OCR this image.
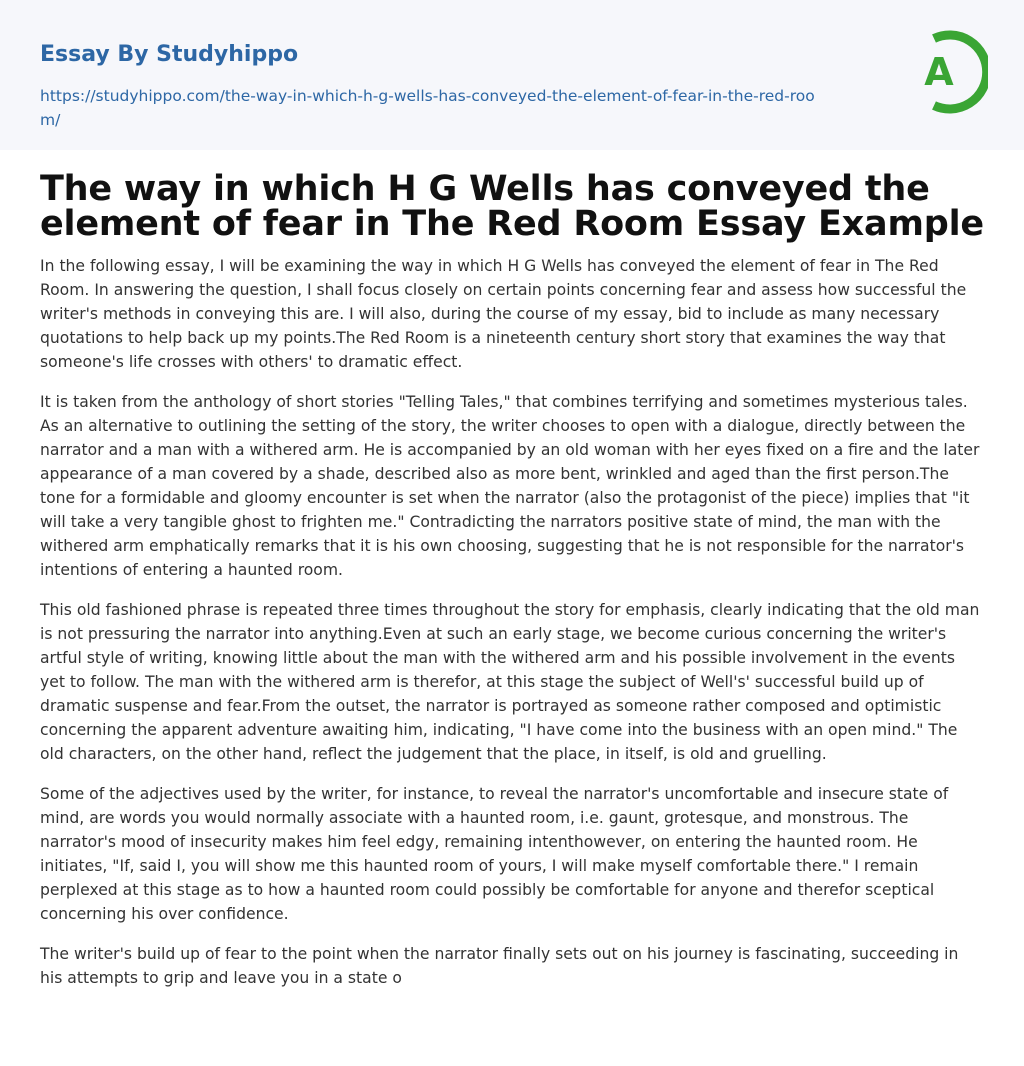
Essay By Studyhippo
https://studyhippo.com/the-way-in-which-h-g-wells-has-conveyed-the-element-of-fear-in-the-red-room/
A
The way in which H G Wells has conveyed the element of fear in The Red Room Essay Example

In the following essay, I will be examining the way in which H G Wells has conveyed the element of fear in The Red Room. In answering the question, I shall focus closely on certain points concerning fear and assess how successful the writer's methods in conveying this are. I will also, during the course of my essay, bid to include as many necessary quotations to help back up my points.The Red Room is a nineteenth century short story that examines the way that someone's life crosses with others' to dramatic effect.

It is taken from the anthology of short stories "Telling Tales," that combines terrifying and sometimes mysterious tales. As an alternative to outlining the setting of the story, the writer chooses to open with a dialogue, directly between the narrator and a man with a withered arm. He is accompanied by an old woman with her eyes fixed on a fire and the later appearance of a man covered by a shade, described also as more bent, wrinkled and aged than the first person.The tone for a formidable and gloomy encounter is set when the narrator (also the protagonist of the piece) implies that "it will take a very tangible ghost to frighten me." Contradicting the narrators positive state of mind, the man with the withered arm emphatically remarks that it is his own choosing, suggesting that he is not responsible for the narrator's intentions of entering a haunted room.

This old fashioned phrase is repeated three times throughout the story for emphasis, clearly indicating that the old man is not pressuring the narrator into anything.Even at such an early stage, we become curious concerning the writer's artful style of writing, knowing little about the man with the withered arm and his possible involvement in the events yet to follow. The man with the withered arm is therefor, at this stage the subject of Well's' successful build up of dramatic suspense and fear.From the outset, the narrator is portrayed as someone rather composed and optimistic concerning the apparent adventure awaiting him, indicating, "I have come into the business with an open mind." The old characters, on the other hand, reflect the judgement that the place, in itself, is old and gruelling.

Some of the adjectives used by the writer, for instance, to reveal the narrator's uncomfortable and insecure state of mind, are words you would normally associate with a haunted room, i.e. gaunt, grotesque, and monstrous. The narrator's mood of insecurity makes him feel edgy, remaining intenthowever, on entering the haunted room. He initiates, "If, said I, you will show me this haunted room of yours, I will make myself comfortable there." I remain perplexed at this stage as to how a haunted room could possibly be comfortable for anyone and therefor sceptical concerning his over confidence.

The writer's build up of fear to the point when the narrator finally sets out on his journey is fascinating, succeeding in his attempts to grip and leave you in a state o
